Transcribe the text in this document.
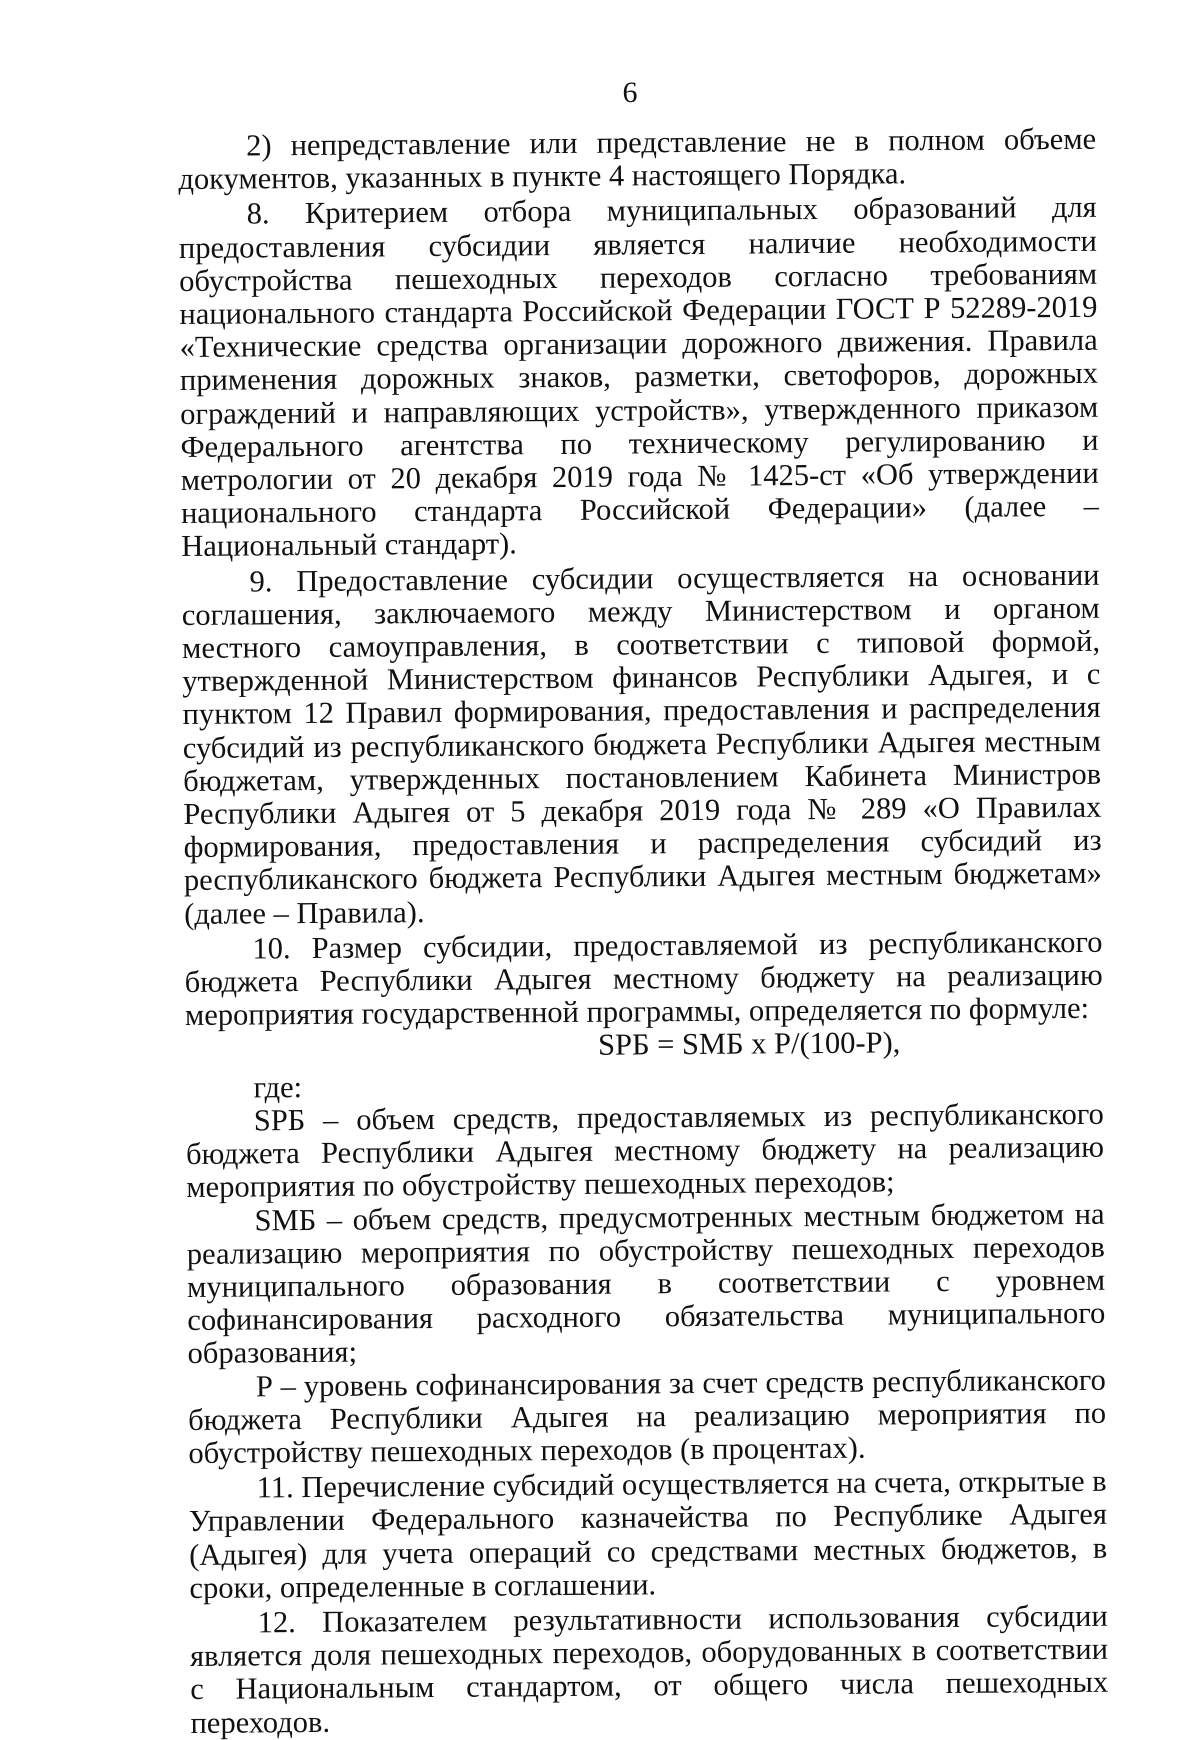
6

2) непредставление или представление не в полном объеме документов, указанных в пункте 4 настоящего Порядка.

8. Критерием отбора муниципальных образований для предоставления субсидии является наличие необходимости обустройства пешеходных переходов согласно требованиям национального стандарта Российской Федерации ГОСТ Р 52289-2019 «Технические средства организации дорожного движения. Правила применения дорожных знаков, разметки, светофоров, дорожных ограждений и направляющих устройств», утвержденного приказом Федерального агентства по техническому регулированию и метрологии от 20 декабря 2019 года № 1425-ст «Об утверждении национального стандарта Российской Федерации» (далее – Национальный стандарт).

9. Предоставление субсидии осуществляется на основании соглашения, заключаемого между Министерством и органом местного самоуправления, в соответствии с типовой формой, утвержденной Министерством финансов Республики Адыгея, и с пунктом 12 Правил формирования, предоставления и распределения субсидий из республиканского бюджета Республики Адыгея местным бюджетам, утвержденных постановлением Кабинета Министров Республики Адыгея от 5 декабря 2019 года № 289 «О Правилах формирования, предоставления и распределения субсидий из республиканского бюджета Республики Адыгея местным бюджетам» (далее – Правила).

10. Размер субсидии, предоставляемой из республиканского бюджета Республики Адыгея местному бюджету на реализацию мероприятия государственной программы, определяется по формуле:

SРБ = SМБ х Р/(100-Р),

где:

SРБ – объем средств, предоставляемых из республиканского бюджета Республики Адыгея местному бюджету на реализацию мероприятия по обустройству пешеходных переходов;

SМБ – объем средств, предусмотренных местным бюджетом на реализацию мероприятия по обустройству пешеходных переходов муниципального образования в соответствии с уровнем софинансирования расходного обязательства муниципального образования;

Р – уровень софинансирования за счет средств республиканского бюджета Республики Адыгея на реализацию мероприятия по обустройству пешеходных переходов (в процентах).

11. Перечисление субсидий осуществляется на счета, открытые в Управлении Федерального казначейства по Республике Адыгея (Адыгея) для учета операций со средствами местных бюджетов, в сроки, определенные в соглашении.

12. Показателем результативности использования субсидии является доля пешеходных переходов, оборудованных в соответствии с Национальным стандартом, от общего числа пешеходных переходов.
